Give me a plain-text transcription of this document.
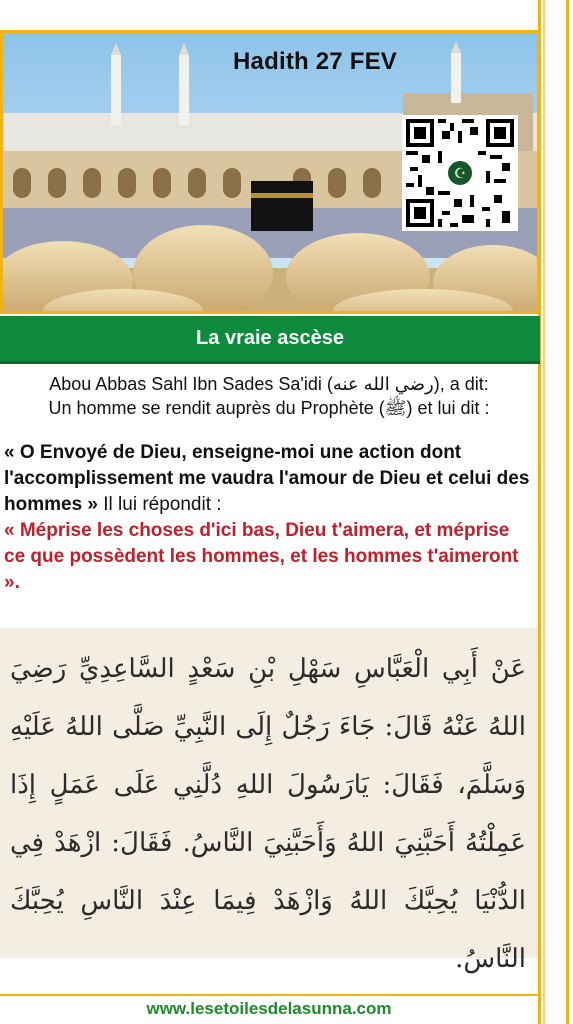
Hadith 27 FEV
☪
La vraie ascèse

Abou Abbas Sahl Ibn Sades Sa'idi (رضي الله عنه), a dit:

Un homme se rendit auprès du Prophète (ﷺ) et lui dit :

« O Envoyé de Dieu, enseigne-moi une action dont l'accomplissement me vaudra l'amour de Dieu et celui des hommes » Il lui répondit :
« Méprise les choses d'ici bas, Dieu t'aimera, et méprise ce que possèdent les hommes, et les hommes t'aimeront ».
عَنْ أَبِي الْعَبَّاسِ سَهْلِ بْنِ سَعْدٍ السَّاعِدِيِّ رَضِيَ اللهُ عَنْهُ قَالَ: جَاءَ رَجُلٌ إِلَى النَّبِيِّ صَلَّى اللهُ عَلَيْهِ وَسَلَّمَ، فَقَالَ: يَارَسُولَ اللهِ دُلَّنِي عَلَى عَمَلٍ إِذَا عَمِلْتُهُ أَحَبَّنِيَ اللهُ وَأَحَبَّنِيَ النَّاسُ. فَقَالَ: ازْهَدْ فِي الدُّنْيَا يُحِبَّكَ اللهُ وَازْهَدْ فِيمَا عِنْدَ النَّاسِ يُحِبَّكَ النَّاسُ.
www.lesetoilesdelasunna.com
